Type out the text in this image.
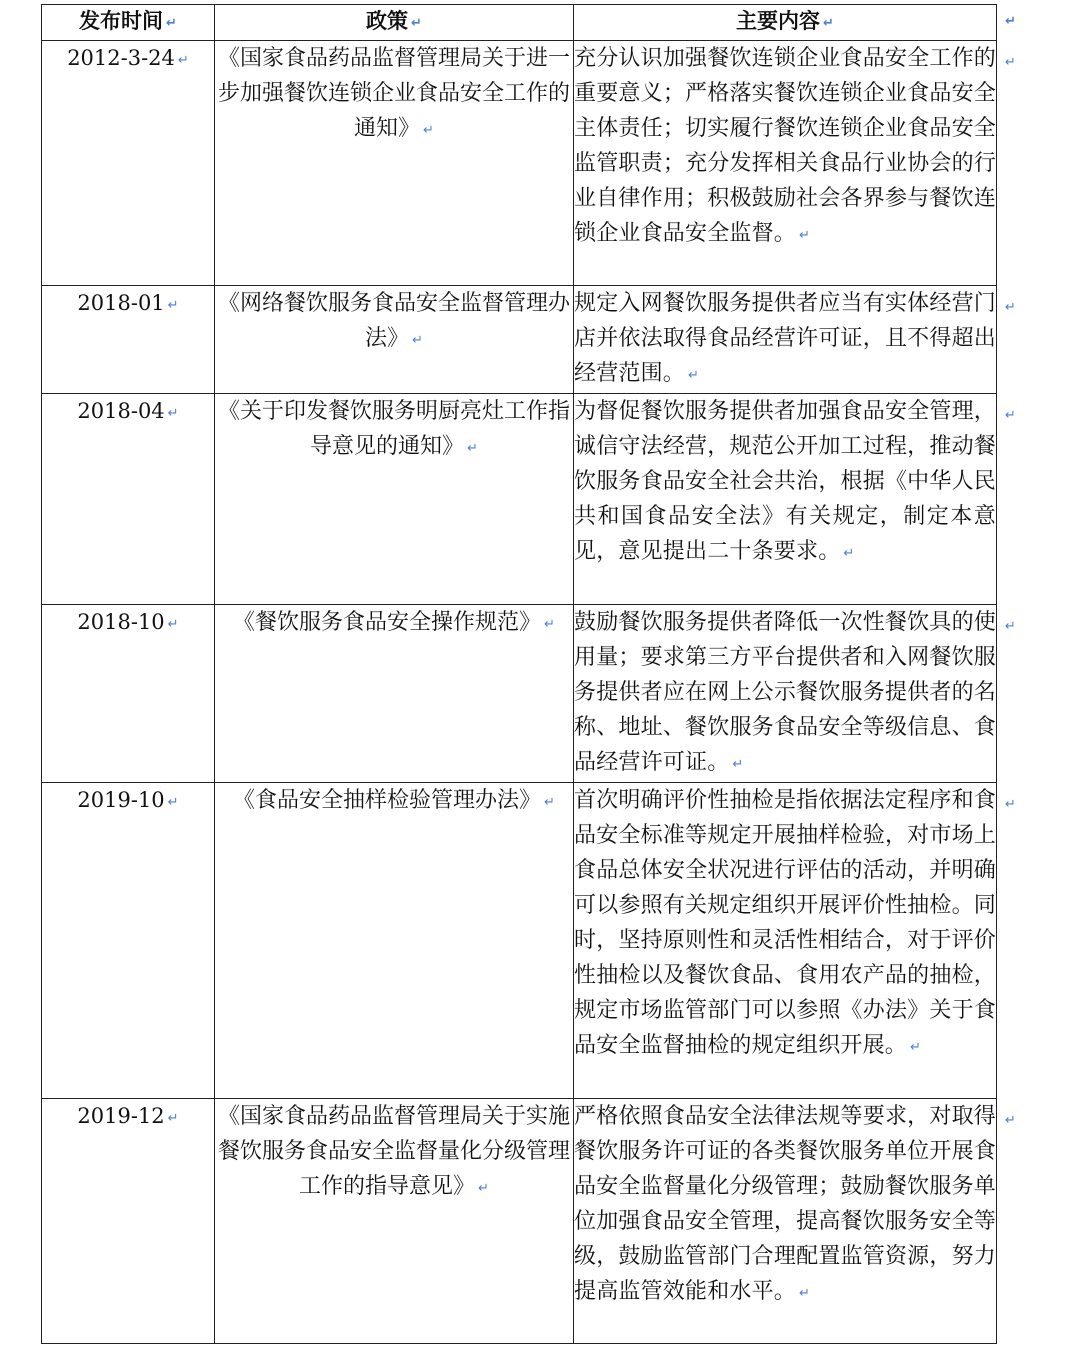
发布时间 ↵	政策 ↵	主要内容 ↵ ↵

2012-3-24 ↵	《国家食品药品监督管理局关于进一步加强餐饮连锁企业食品安全工作的通知》 ↵	充分认识加强餐饮连锁企业食品安全工作的重要意义；严格落实餐饮连锁企业食品安全主体责任；切实履行餐饮连锁企业食品安全监管职责；充分发挥相关食品行业协会的行业自律作用；积极鼓励社会各界参与餐饮连锁企业食品安全监督。 ↵
↵

2018-01 ↵	《网络餐饮服务食品安全监督管理办法》 ↵	规定入网餐饮服务提供者应当有实体经营门店并依法取得食品经营许可证，且不得超出经营范围。 ↵
↵

2018-04 ↵	《关于印发餐饮服务明厨亮灶工作指导意见的通知》 ↵	为督促餐饮服务提供者加强食品安全管理，诚信守法经营，规范公开加工过程，推动餐饮服务食品安全社会共治，根据《中华人民共和国食品安全法》有关规定，制定本意见，意见提出二十条要求。 ↵
↵

2018-10 ↵	《餐饮服务食品安全操作规范》 ↵	鼓励餐饮服务提供者降低一次性餐饮具的使用量；要求第三方平台提供者和入网餐饮服务提供者应在网上公示餐饮服务提供者的名称、地址、餐饮服务食品安全等级信息、食品经营许可证。 ↵
↵

2019-10 ↵	《食品安全抽样检验管理办法》 ↵	首次明确评价性抽检是指依据法定程序和食品安全标准等规定开展抽样检验，对市场上食品总体安全状况进行评估的活动，并明确可以参照有关规定组织开展评价性抽检。同时，坚持原则性和灵活性相结合，对于评价性抽检以及餐饮食品、食用农产品的抽检，规定市场监管部门可以参照《办法》关于食品安全监督抽检的规定组织开展。 ↵
↵

2019-12 ↵	《国家食品药品监督管理局关于实施餐饮服务食品安全监督量化分级管理工作的指导意见》 ↵	严格依照食品安全法律法规等要求，对取得餐饮服务许可证的各类餐饮服务单位开展食品安全监督量化分级管理；鼓励餐饮服务单位加强食品安全管理，提高餐饮服务安全等级，鼓励监管部门合理配置监管资源，努力提高监管效能和水平。 ↵
↵
